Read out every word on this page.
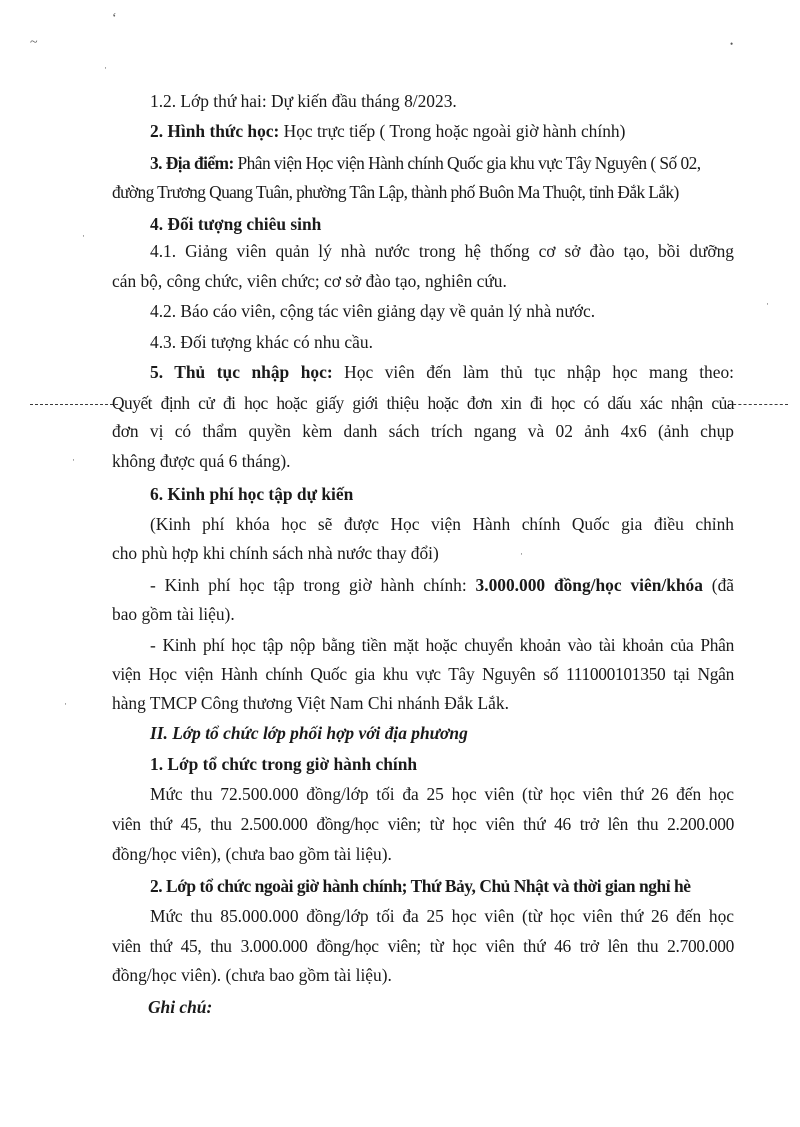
‘
~	•
·
·
·
·
·
·
1.2. Lớp thứ hai: Dự kiến đầu tháng 8/2023.
2. Hình thức học: Học trực tiếp ( Trong hoặc ngoài giờ hành chính)
3. Địa điểm: Phân viện Học viện Hành chính Quốc gia khu vực Tây Nguyên ( Số 02,
đường Trương Quang Tuân, phường Tân Lập, thành phố Buôn Ma Thuột, tỉnh Đắk Lắk)
4. Đối tượng chiêu sinh
4.1. Giảng viên quản lý nhà nước trong hệ thống cơ sở đào tạo, bồi dưỡng
cán bộ, công chức, viên chức; cơ sở đào tạo, nghiên cứu.
4.2. Báo cáo viên, cộng tác viên giảng dạy về quản lý nhà nước.
4.3. Đối tượng khác có nhu cầu.
5. Thủ tục nhập học: Học viên đến làm thủ tục nhập học mang theo:
Quyết định cử đi học hoặc giấy giới thiệu hoặc đơn xin đi học có dấu xác nhận của
đơn vị có thẩm quyền kèm danh sách trích ngang và 02 ảnh 4x6 (ảnh chụp
không được quá 6 tháng).
6. Kinh phí học tập dự kiến
(Kinh phí khóa học sẽ được Học viện Hành chính Quốc gia điều chỉnh
cho phù hợp khi chính sách nhà nước thay đổi)
- Kinh phí học tập trong giờ hành chính: 3.000.000 đồng/học viên/khóa (đã
bao gồm tài liệu).
- Kinh phí học tập nộp bằng tiền mặt hoặc chuyển khoản vào tài khoản của Phân
viện Học viện Hành chính Quốc gia khu vực Tây Nguyên số 111000101350 tại Ngân
hàng TMCP Công thương Việt Nam Chi nhánh Đắk Lắk.
II. Lớp tổ chức lớp phối hợp với địa phương
1. Lớp tổ chức trong giờ hành chính
Mức thu 72.500.000 đồng/lớp tối đa 25 học viên (từ học viên thứ 26 đến học
viên thứ 45, thu 2.500.000 đồng/học viên; từ học viên thứ 46 trở lên thu 2.200.000
đồng/học viên), (chưa bao gồm tài liệu).
2. Lớp tổ chức ngoài giờ hành chính; Thứ Bảy, Chủ Nhật và thời gian nghỉ hè
Mức thu 85.000.000 đồng/lớp tối đa 25 học viên (từ học viên thứ 26 đến học
viên thứ 45, thu 3.000.000 đồng/học viên; từ học viên thứ 46 trở lên thu 2.700.000
đồng/học viên). (chưa bao gồm tài liệu).
Ghi chú:
